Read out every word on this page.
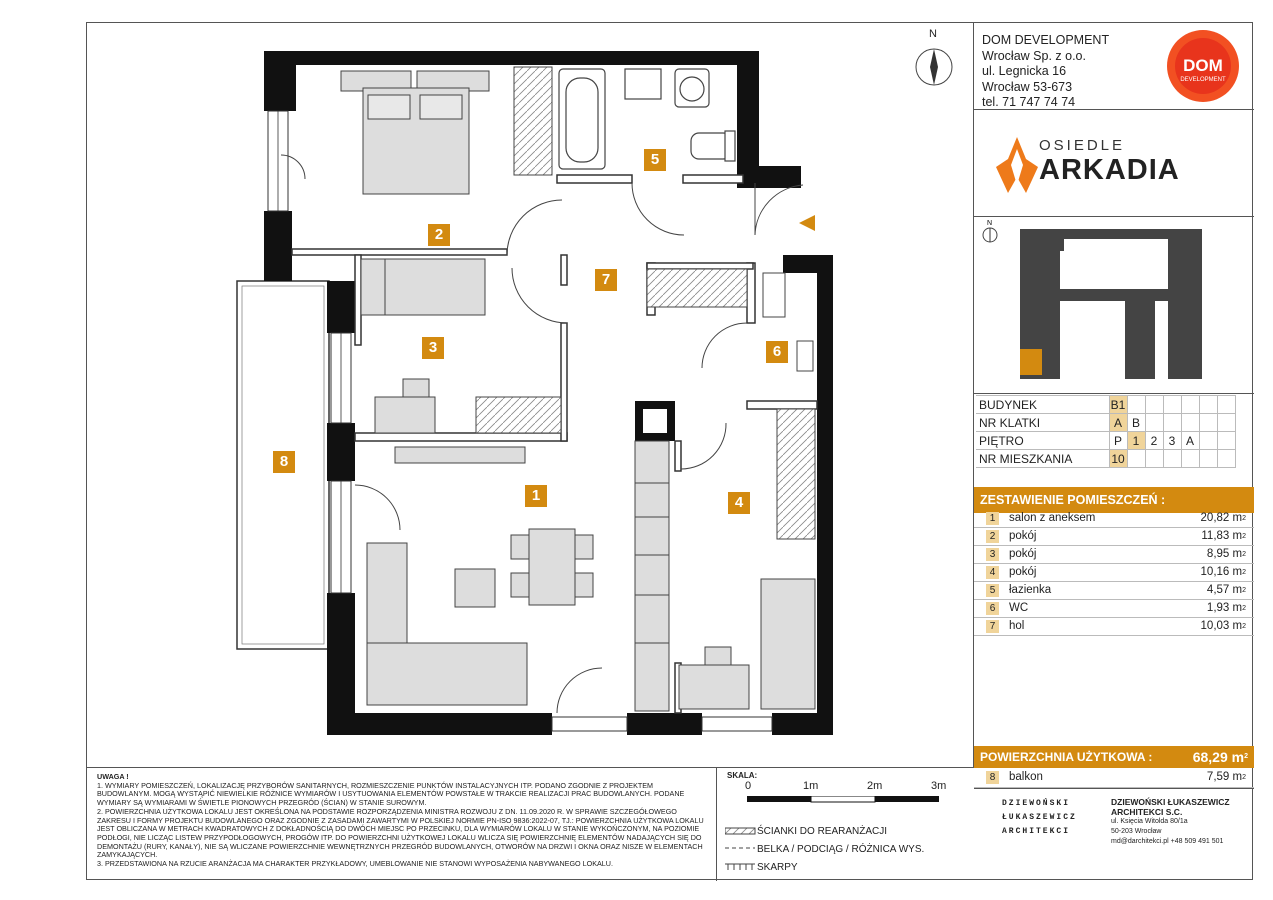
2
5
7
3	6
8
1	4
N
UWAGA !
1. WYMIARY POMIESZCZEŃ, LOKALIZACJĘ PRZYBORÓW SANITARNYCH, ROZMIESZCZENIE PUNKTÓW INSTALACYJNYCH ITP. PODANO ZGODNIE Z PROJEKTEM BUDOWLANYM. MOGĄ WYSTĄPIĆ NIEWIELKIE RÓŻNICE WYMIARÓW I USYTUOWANIA ELEMENTÓW POWSTAŁE W TRAKCIE REALIZACJI PRAC BUDOWLANYCH. PODANE WYMIARY SĄ WYMIARAMI W ŚWIETLE PIONOWYCH PRZEGRÓD (ŚCIAN) W STANIE SUROWYM.
2. POWIERZCHNIA UŻYTKOWA LOKALU JEST OKREŚLONA NA PODSTAWIE ROZPORZĄDZENIA MINISTRA ROZWOJU Z DN. 11.09.2020 R. W SPRAWIE SZCZEGÓŁOWEGO ZAKRESU I FORMY PROJEKTU BUDOWLANEGO ORAZ ZGODNIE Z ZASADAMI ZAWARTYMI W POLSKIEJ NORMIE PN-ISO 9836:2022-07, TJ.: POWIERZCHNIA UŻYTKOWA LOKALU JEST OBLICZANA W METRACH KWADRATOWYCH Z DOKŁADNOŚCIĄ DO DWÓCH MIEJSC PO PRZECINKU, DLA WYMIARÓW LOKALU W STANIE WYKOŃCZONYM, NA POZIOMIE PODŁOGI, NIE LICZĄC LISTEW PRZYPODŁOGOWYCH, PROGÓW ITP. DO POWIERZCHNI UŻYTKOWEJ LOKALU WLICZA SIĘ POWIERZCHNIĘ ELEMENTÓW NADAJĄCYCH SIĘ DO DEMONTAŻU (RURY, KANAŁY), NIE SĄ WLICZANE POWIERZCHNIE WEWNĘTRZNYCH PRZEGRÓD BUDOWLANYCH, OTWORÓW NA DRZWI I OKNA ORAZ NISZE W ELEMENTACH ZAMYKAJĄCYCH.
3. PRZEDSTAWIONA NA RZUCIE ARANŻACJA MA CHARAKTER PRZYKŁADOWY, UMEBLOWANIE NIE STANOWI WYPOSAŻENIA NABYWANEGO LOKALU.
SKALA:
0	1m	2m	3m
ŚCIANKI DO REARANŻACJI
BELKA / PODCIĄG / RÓŻNICA WYS.
SKARPY
DOM DEVELOPMENT
Wrocław Sp. z o.o.
ul. Legnicka 16
Wrocław 53-673
tel. 71 747 74 74
DOM
DEVELOPMENT
OSIEDLE
ARKADIA
N
BUDYNEK	B1						
NR KLATKI	A	B					
PIĘTRO	P	1	2	3	A		
NR MIESZKANIA	10						
ZESTAWIENIE POMIESZCZEŃ :
1	salon z aneksem	20,82 $m^2$
2	pokój	11,83 $m^2$
3	pokój	8,95 $m^2$
4	pokój	10,16 $m^2$
5	łazienka	4,57 $m^2$
6	WC	1,93 $m^2$
7	hol	10,03 $m^2$
POWIERZCHNIA UŻYTKOWA :	68,29 $m^2$
8	balkon	7,59 $m^2$
DZIEWOŃSKI
ŁUKASZEWICZ
ARCHITEKCI
DZIEWOŃSKI ŁUKASZEWICZ
ARCHITEKCI S.C.
ul. Księcia Witolda 80/1a
50-203 Wrocław
md@darchitekci.pl +48 509 491 501
